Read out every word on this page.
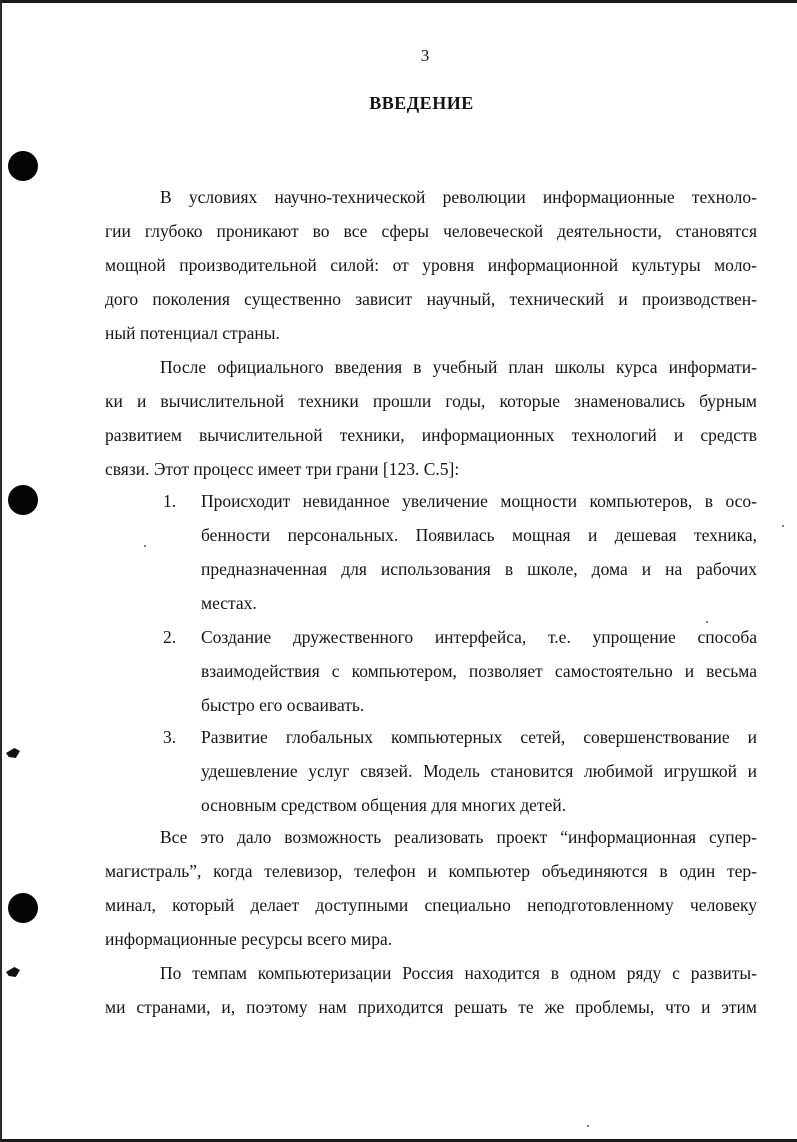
3
ВВЕДЕНИЕ
В условиях научно-технической революции информационные техноло-
гии глубоко проникают во все сферы человеческой деятельности, становятся
мощной производительной силой: от уровня информационной культуры моло-
дого поколения существенно зависит научный, технический и производствен-
ный потенциал страны.
После официального введения в учебный план школы курса информати-
ки и вычислительной техники прошли годы, которые знаменовались бурным
развитием вычислительной техники, информационных технологий и средств
связи. Этот процесс имеет три грани [123. С.5]:
1. Происходит невиданное увеличение мощности компьютеров, в осо-
бенности персональных. Появилась мощная и дешевая техника,
предназначенная для использования в школе, дома и на рабочих
местах.
2. Создание дружественного интерфейса, т.е. упрощение способа
взаимодействия с компьютером, позволяет самостоятельно и весьма
быстро его осваивать.
3. Развитие глобальных компьютерных сетей, совершенствование и
удешевление услуг связей. Модель становится любимой игрушкой и
основным средством общения для многих детей.
Все это дало возможность реализовать проект “информационная супер-
магистраль”, когда телевизор, телефон и компьютер объединяются в один тер-
минал, который делает доступными специально неподготовленному человеку
информационные ресурсы всего мира.
По темпам компьютеризации Россия находится в одном ряду с развиты-
ми странами, и, поэтому нам приходится решать те же проблемы, что и этим
